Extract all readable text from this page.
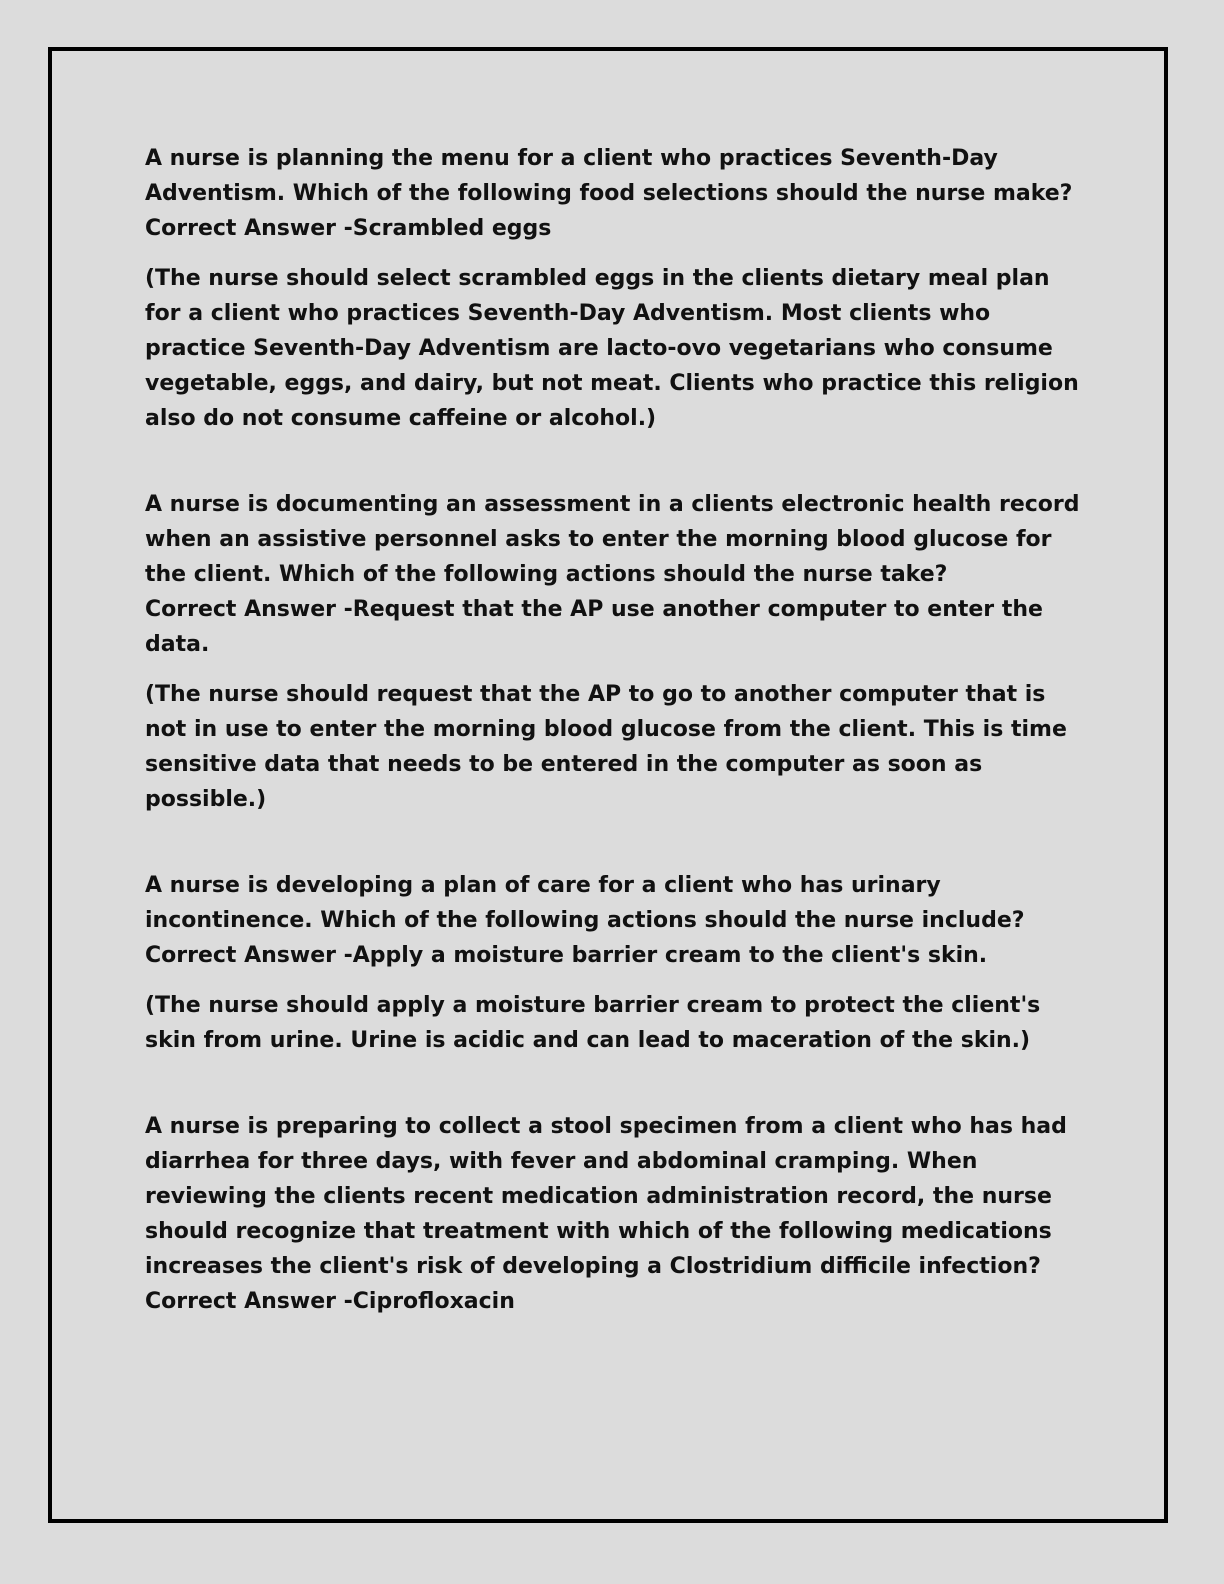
A nurse is planning the menu for a client who practices Seventh-Day Adventism. Which of the following food selections should the nurse make?

Correct Answer -Scrambled eggs

(The nurse should select scrambled eggs in the clients dietary meal plan for a client who practices Seventh-Day Adventism. Most clients who practice Seventh-Day Adventism are lacto-ovo vegetarians who consume vegetable, eggs, and dairy, but not meat. Clients who practice this religion also do not consume caffeine or alcohol.)

A nurse is documenting an assessment in a clients electronic health record when an assistive personnel asks to enter the morning blood glucose for the client. Which of the following actions should the nurse take?

Correct Answer -Request that the AP use another computer to enter the data.

(The nurse should request that the AP to go to another computer that is not in use to enter the morning blood glucose from the client. This is time sensitive data that needs to be entered in the computer as soon as possible.)

A nurse is developing a plan of care for a client who has urinary incontinence. Which of the following actions should the nurse include?

Correct Answer -Apply a moisture barrier cream to the client's skin.

(The nurse should apply a moisture barrier cream to protect the client's skin from urine. Urine is acidic and can lead to maceration of the skin.)

A nurse is preparing to collect a stool specimen from a client who has had diarrhea for three days, with fever and abdominal cramping. When reviewing the clients recent medication administration record, the nurse should recognize that treatment with which of the following medications increases the client's risk of developing a Clostridium difficile infection?

Correct Answer -Ciprofloxacin
